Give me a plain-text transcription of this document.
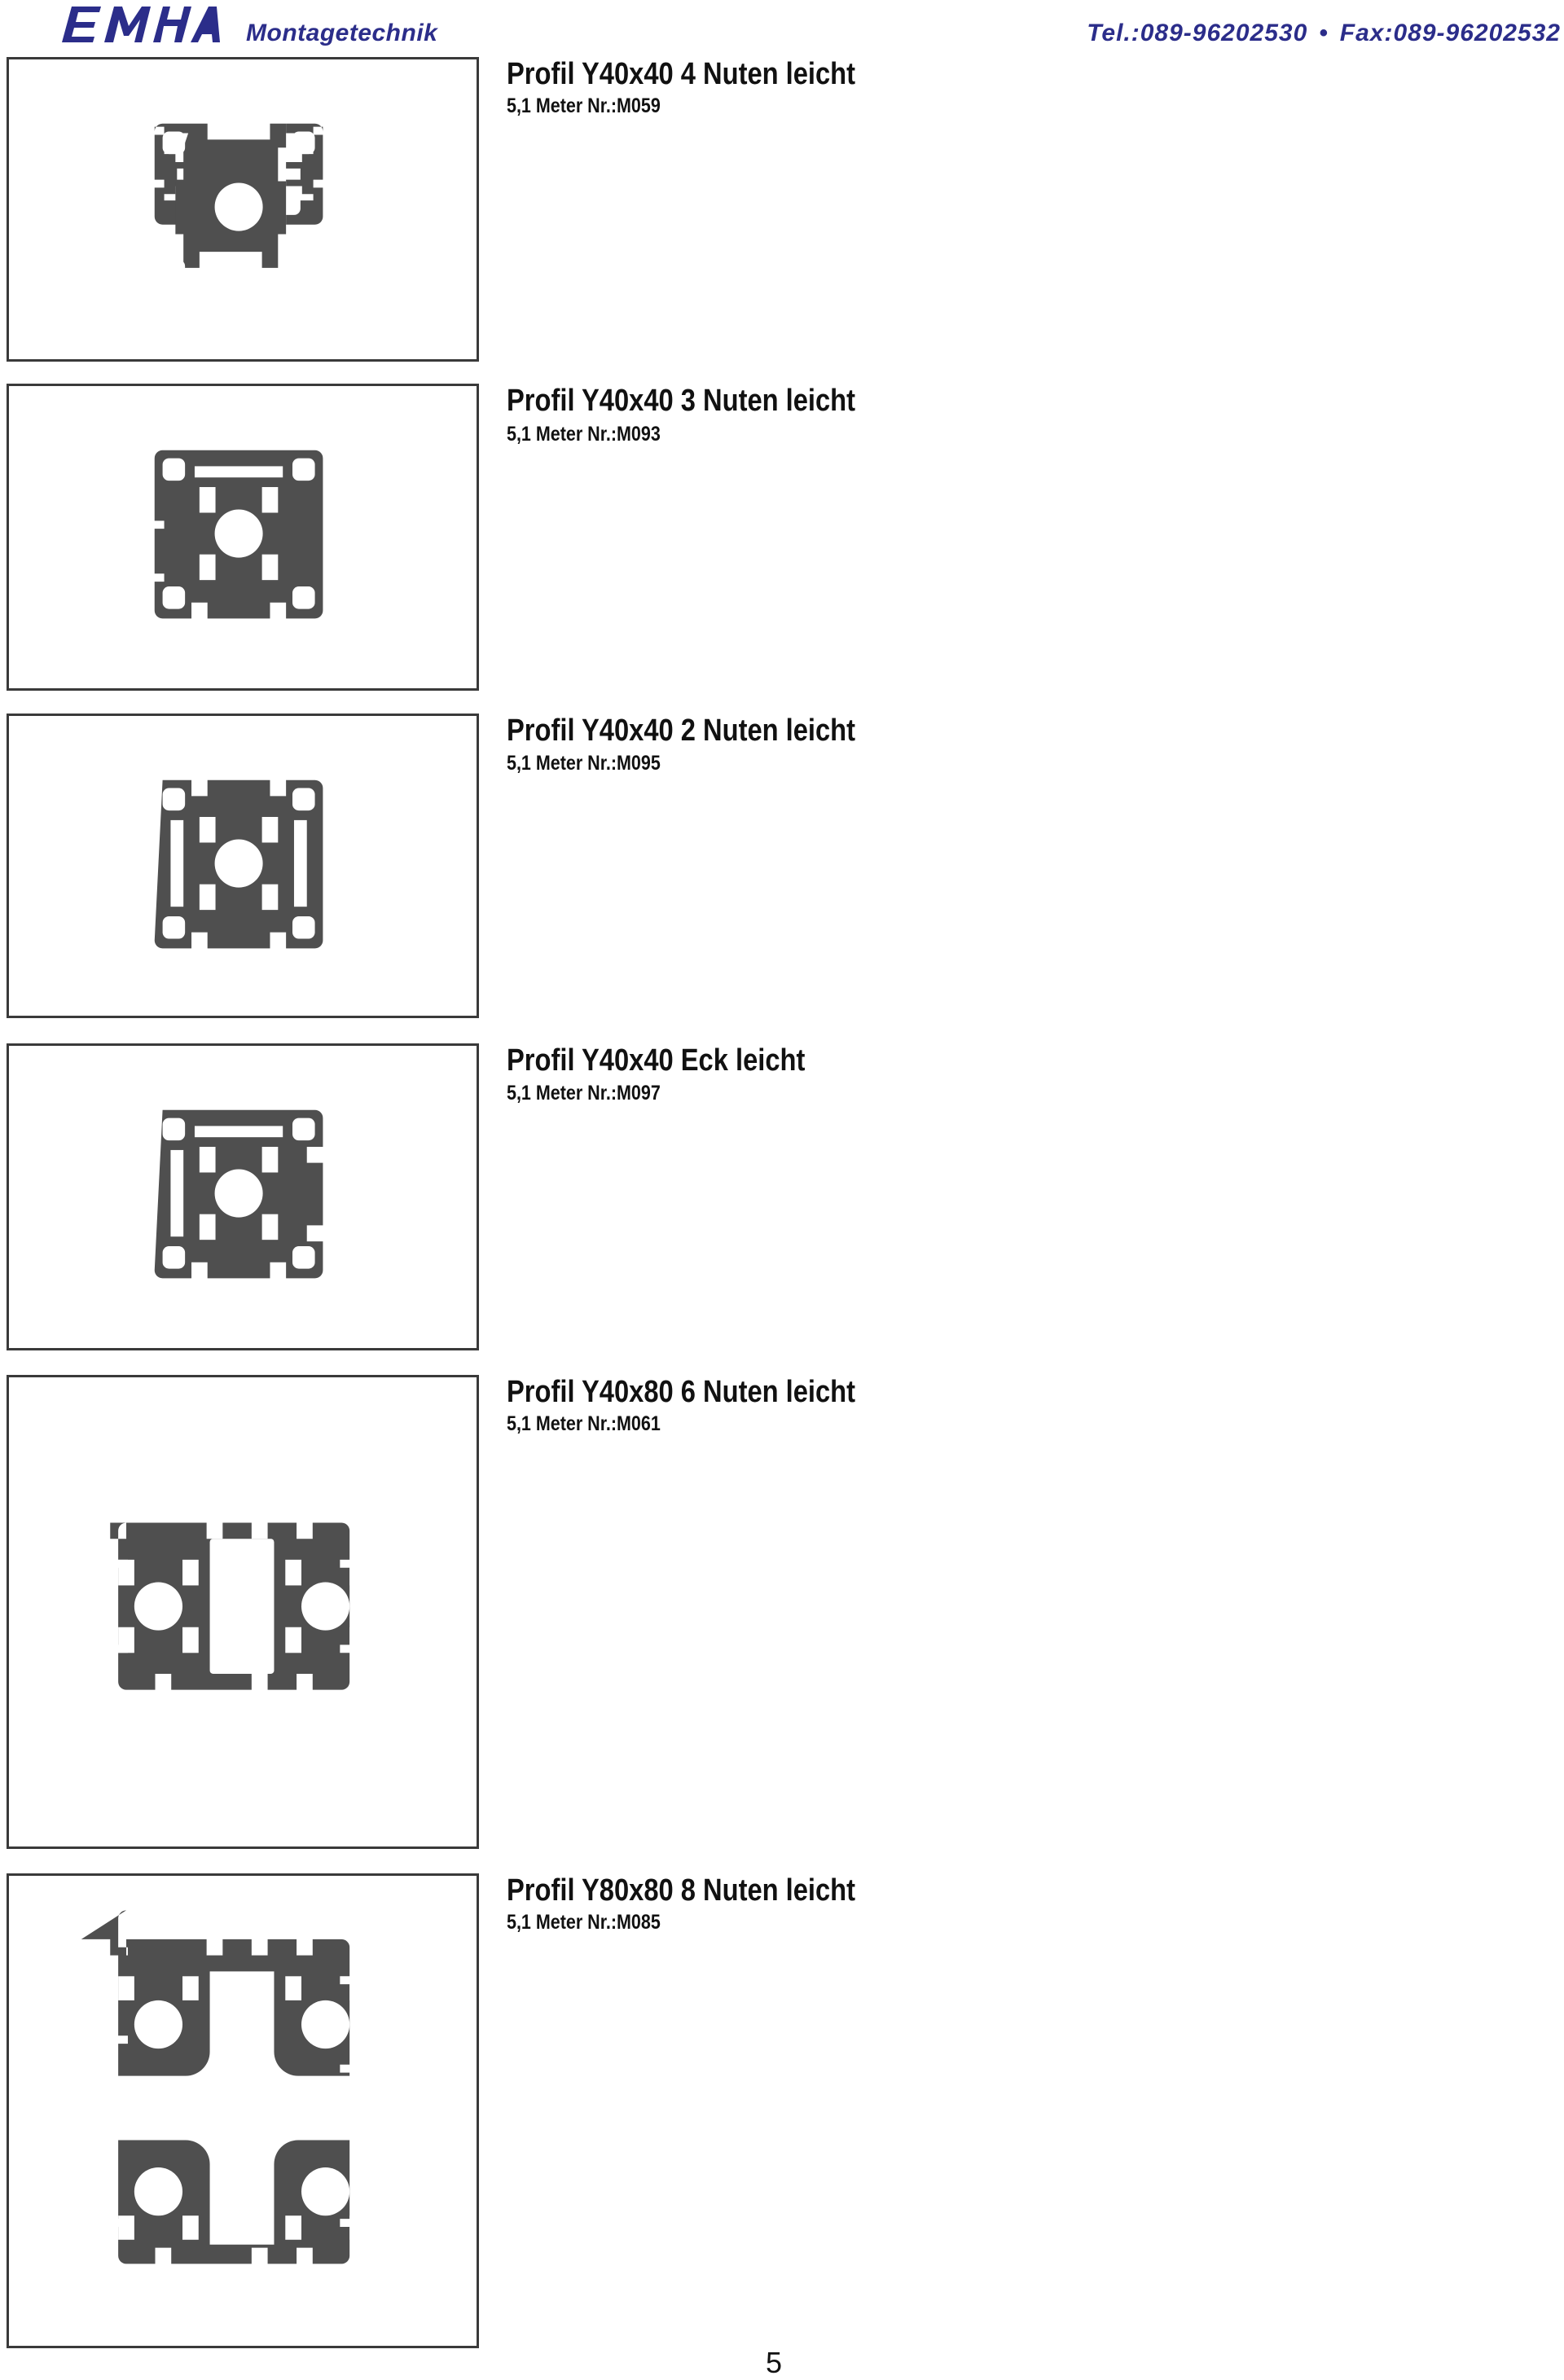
Montagetechnik	Tel.:089-96202530 • Fax:089-96202532
Profil Y40x40 4 Nuten leicht
5,1 Meter Nr.:M059
Profil Y40x40 3 Nuten leicht
5,1 Meter Nr.:M093
Profil Y40x40 2 Nuten leicht
5,1 Meter Nr.:M095
Profil Y40x40 Eck leicht
5,1 Meter Nr.:M097
Profil Y40x80 6 Nuten leicht
5,1 Meter Nr.:M061
Profil Y80x80 8 Nuten leicht
5,1 Meter Nr.:M085
5
